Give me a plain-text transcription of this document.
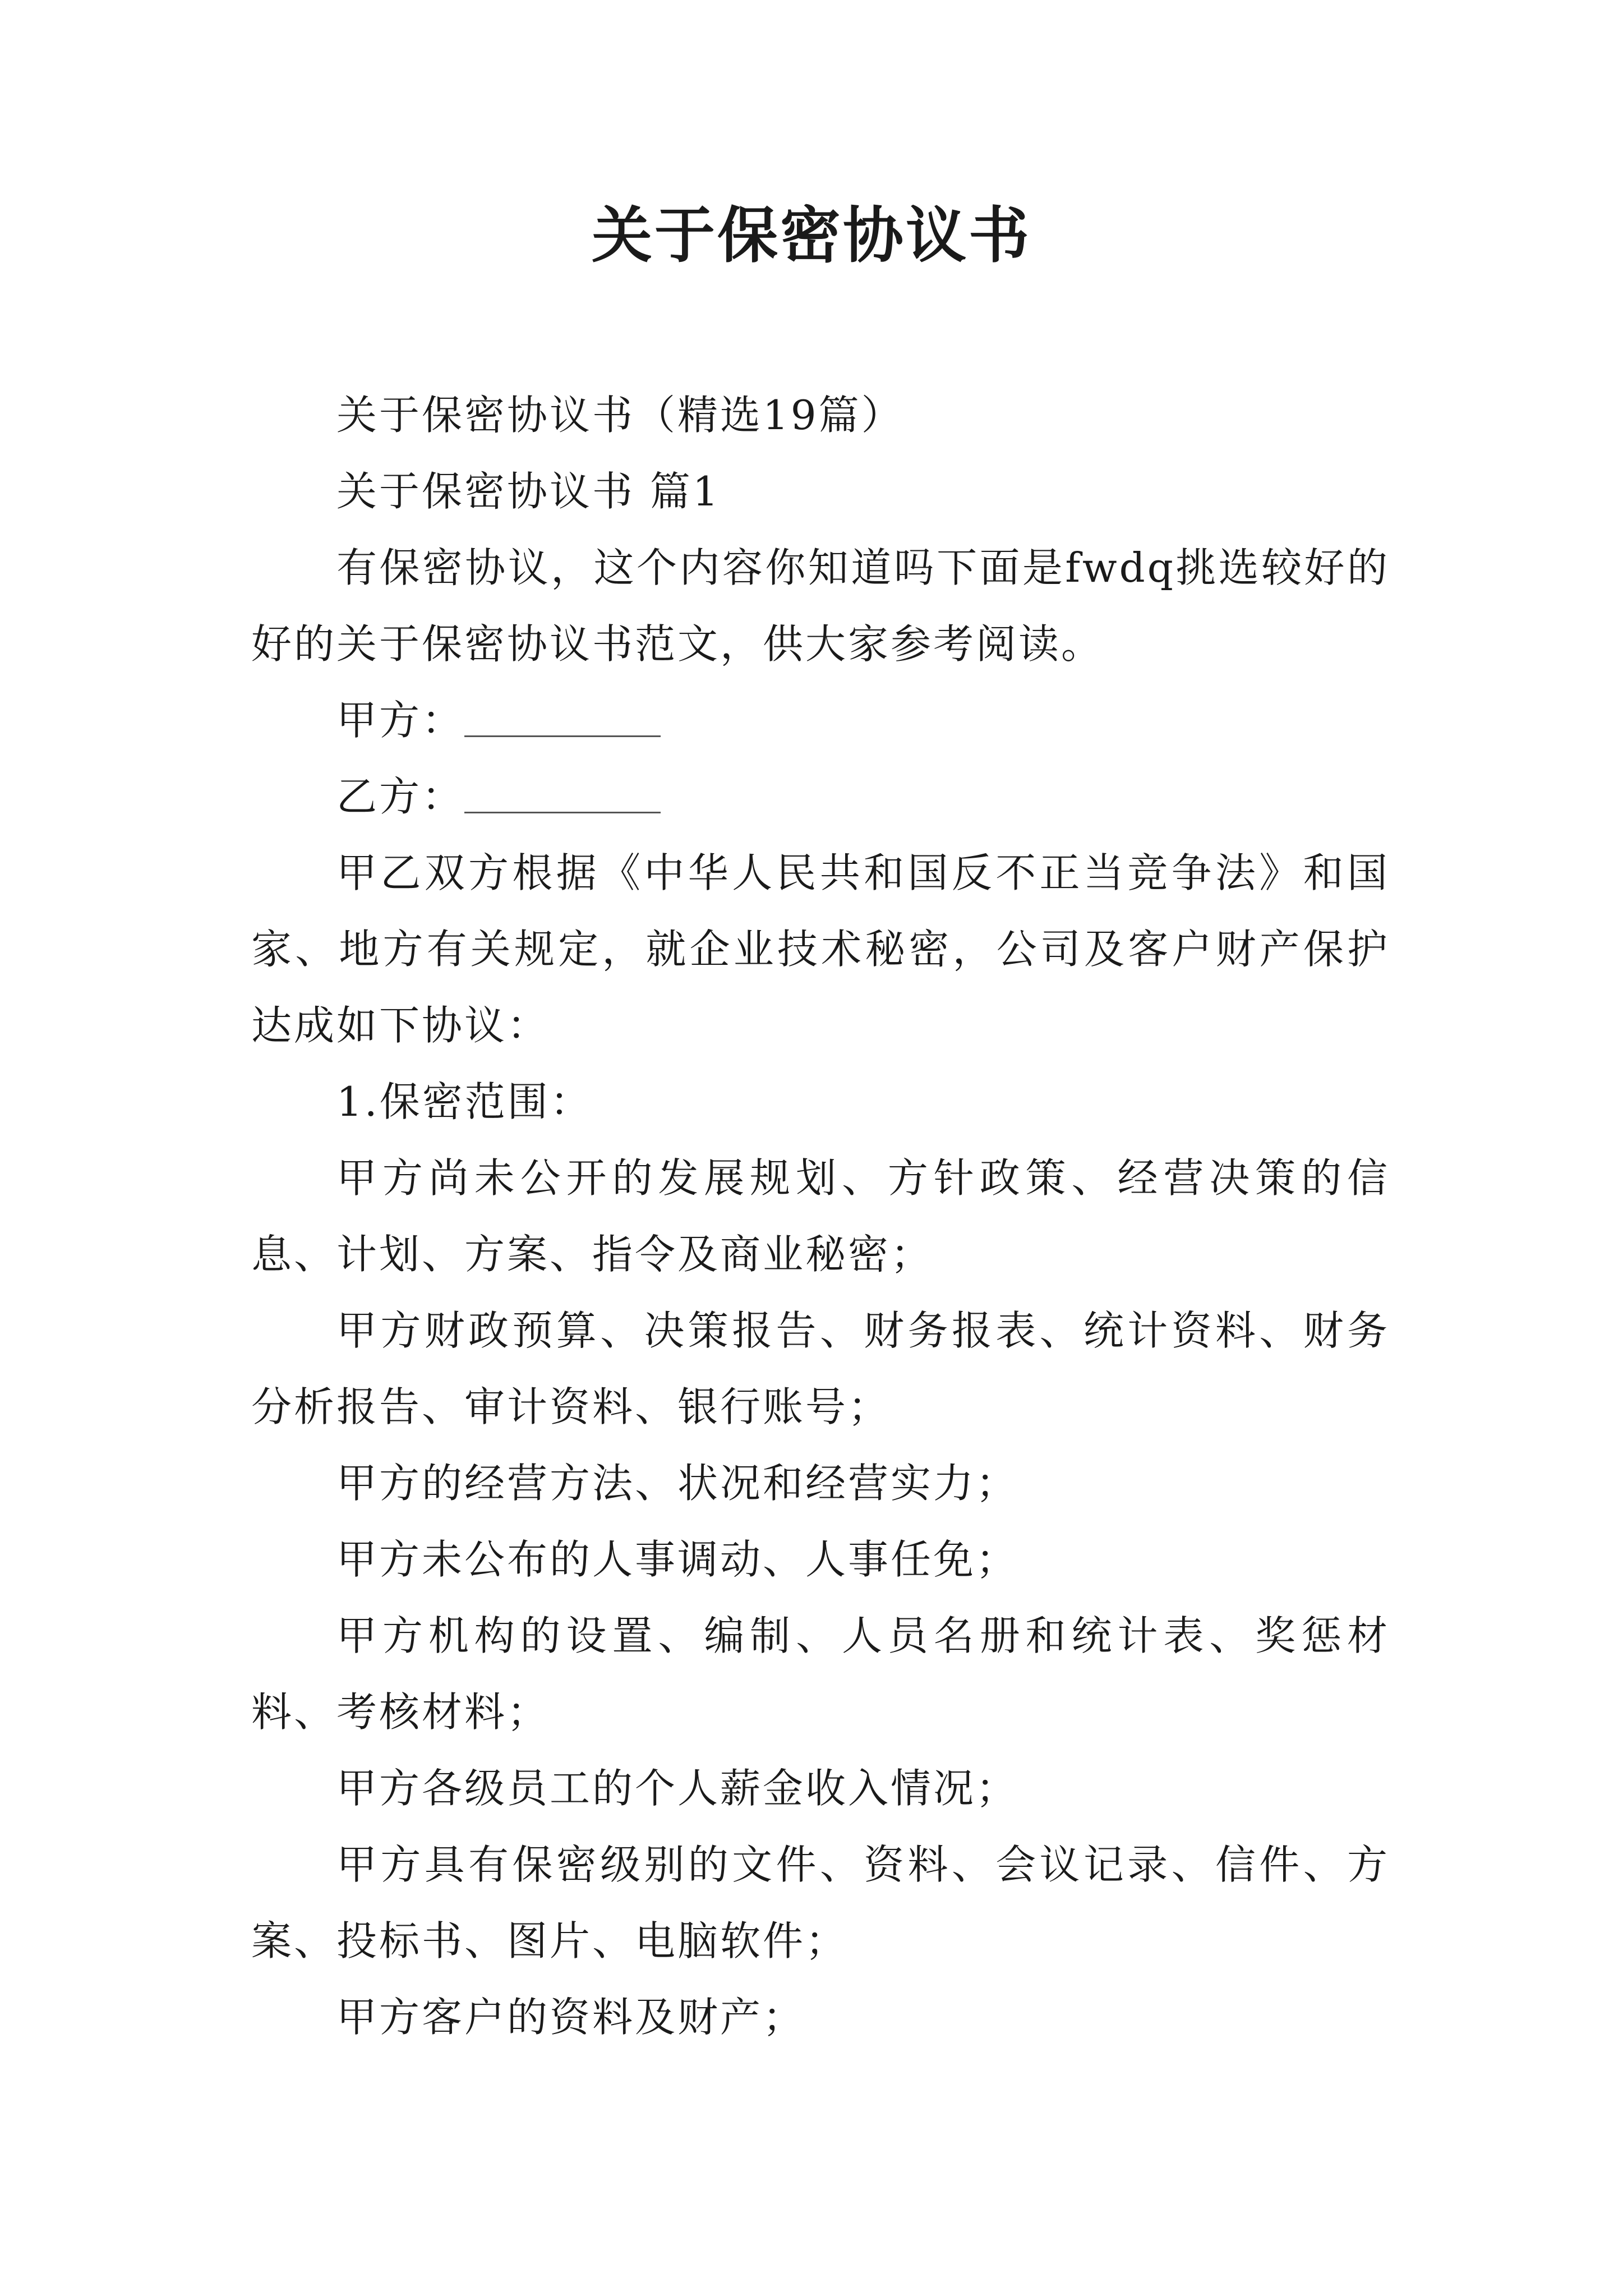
关于保密协议书

关于保密协议书（精选19篇）

关于保密协议书 篇1

有保密协议，这个内容你知道吗下面是fwdq挑选较好的好的关于保密协议书范文，供大家参考阅读。

甲方：

乙方：

甲乙双方根据《中华人民共和国反不正当竞争法》和国家、地方有关规定，就企业技术秘密，公司及客户财产保护达成如下协议：

1.保密范围：

甲方尚未公开的发展规划、方针政策、经营决策的信息、计划、方案、指令及商业秘密；

甲方财政预算、决策报告、财务报表、统计资料、财务分析报告、审计资料、银行账号；

甲方的经营方法、状况和经营实力；

甲方未公布的人事调动、人事任免；

甲方机构的设置、编制、人员名册和统计表、奖惩材料、考核材料；

甲方各级员工的个人薪金收入情况；

甲方具有保密级别的文件、资料、会议记录、信件、方案、投标书、图片、电脑软件；

甲方客户的资料及财产；
